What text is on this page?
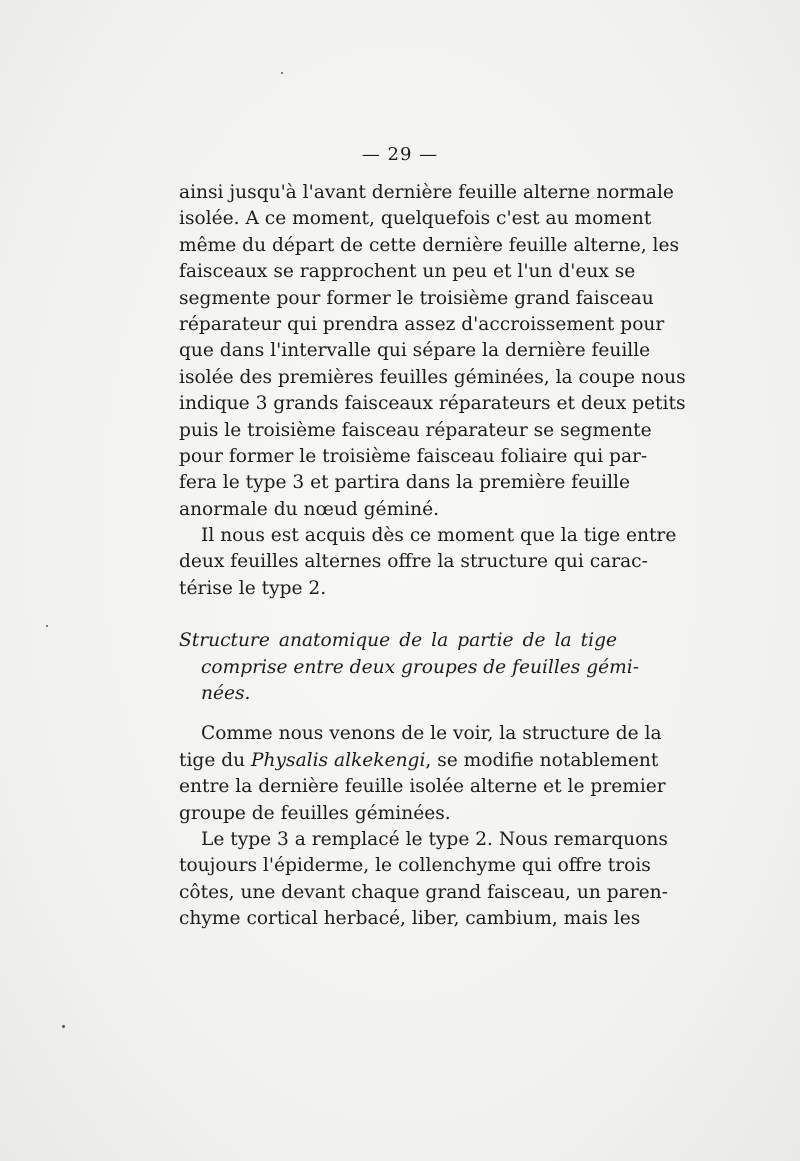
— 29 —
ainsi jusqu'à l'avant dernière feuille alterne normale
isolée. A ce moment, quelquefois c'est au moment
même du départ de cette dernière feuille alterne, les
faisceaux se rapprochent un peu et l'un d'eux se
segmente pour former le troisième grand faisceau
réparateur qui prendra assez d'accroissement pour
que dans l'intervalle qui sépare la dernière feuille
isolée des premières feuilles géminées, la coupe nous
indique 3 grands faisceaux réparateurs et deux petits
puis le troisième faisceau réparateur se segmente
pour former le troisième faisceau foliaire qui par-
fera le type 3 et partira dans la première feuille
anormale du nœud géminé.
Il nous est acquis dès ce moment que la tige entre
deux feuilles alternes offre la structure qui carac-
térise le type 2.
Structure anatomique de la partie de la tige
comprise entre deux groupes de feuilles gémi-
nées.
Comme nous venons de le voir, la structure de la
tige du Physalis alkekengi, se modifie notablement
entre la dernière feuille isolée alterne et le premier
groupe de feuilles géminées.
Le type 3 a remplacé le type 2. Nous remarquons
toujours l'épiderme, le collenchyme qui offre trois
côtes, une devant chaque grand faisceau, un paren-
chyme cortical herbacé, liber, cambium, mais les
